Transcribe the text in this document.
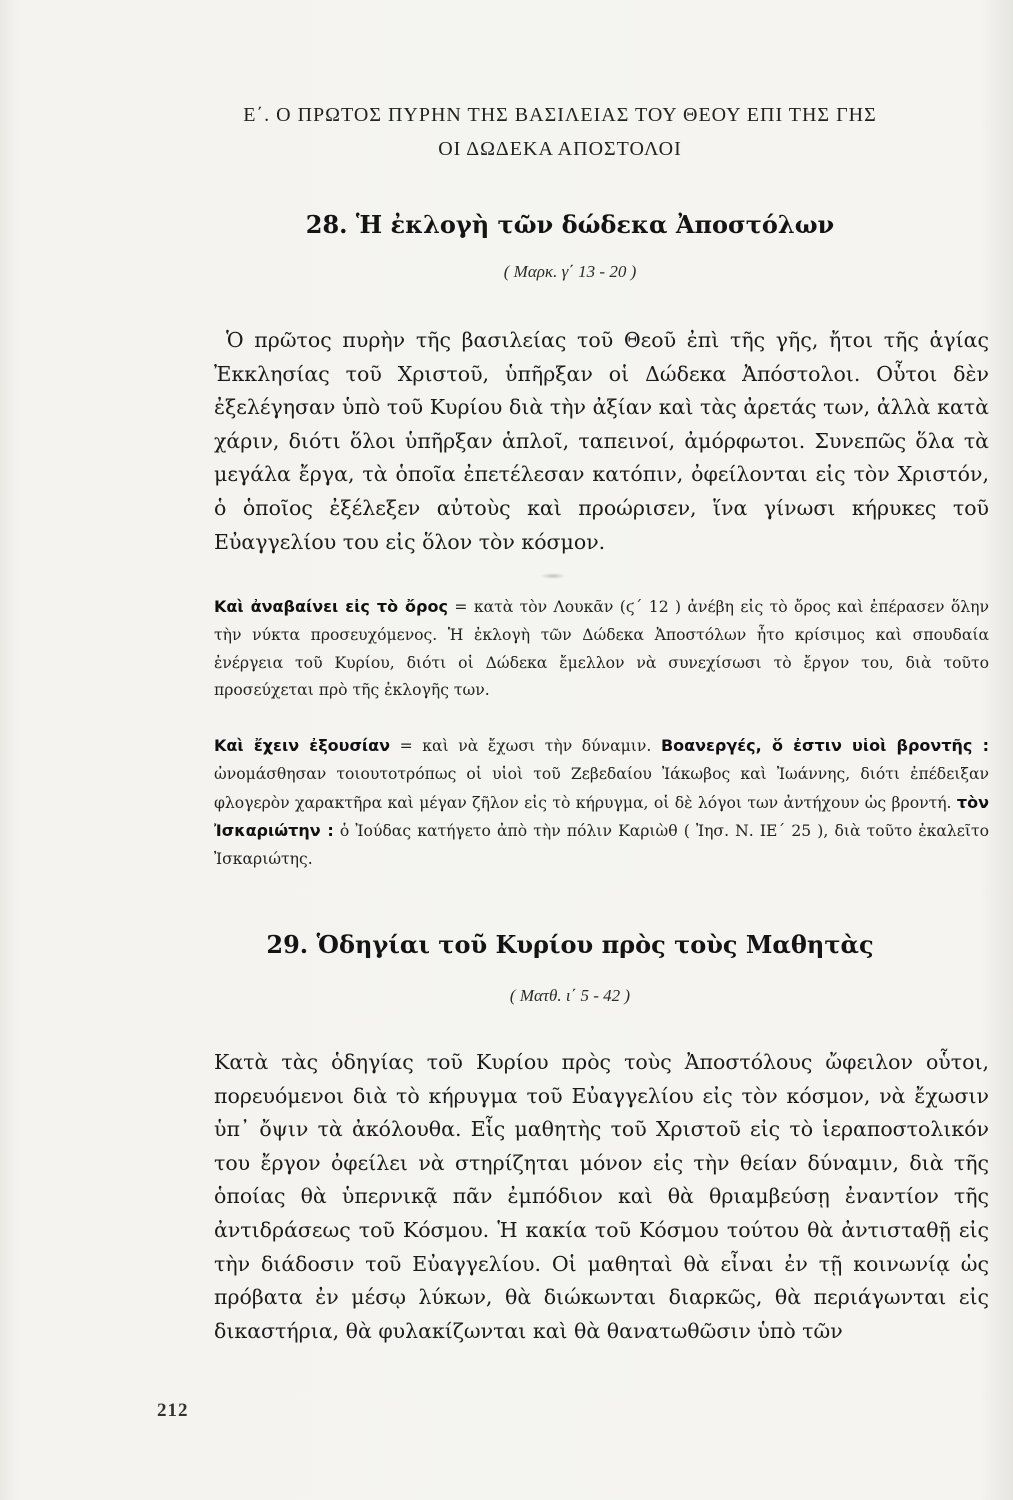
Ε΄. Ο ΠΡΩΤΟΣ ΠΥΡΗΝ ΤΗΣ ΒΑΣΙΛΕΙΑΣ ΤΟΥ ΘΕΟΥ ΕΠΙ ΤΗΣ ΓΗΣ
ΟΙ ΔΩΔΕΚΑ ΑΠΟΣΤΟΛΟΙ
28. Ἡ ἐκλογὴ τῶν δώδεκα Ἀποστόλων
( Μαρκ. γ΄ 13 - 20 )

Ὁ πρῶτος πυρὴν τῆς βασιλείας τοῦ Θεοῦ ἐπὶ τῆς γῆς, ἤτοι τῆς ἁγίας Ἐκκλησίας τοῦ Χριστοῦ, ὑπῆρξαν οἱ Δώδεκα Ἀπόστολοι. Οὗτοι δὲν ἐξελέγησαν ὑπὸ τοῦ Κυρίου διὰ τὴν ἀξίαν καὶ τὰς ἀρετάς των, ἀλλὰ κατὰ χάριν, διότι ὅλοι ὑπῆρξαν ἁπλοῖ, ταπεινοί, ἀμόρφωτοι. Συνεπῶς ὅλα τὰ μεγάλα ἔργα, τὰ ὁποῖα ἐπετέλεσαν κατόπιν, ὀφείλονται εἰς τὸν Χριστόν, ὁ ὁποῖος ἐξέλεξεν αὐτοὺς καὶ προώρισεν, ἵνα γίνωσι κήρυκες τοῦ Εὐαγγελίου του εἰς ὅλον τὸν κόσμον.

Καὶ ἀναβαίνει εἰς τὸ ὄρος = κατὰ τὸν Λουκᾶν (ϛ΄ 12 ) ἀνέβη εἰς τὸ ὄρος καὶ ἐπέρασεν ὅλην τὴν νύκτα προσευχόμενος. Ἡ ἐκλογὴ τῶν Δώδεκα Ἀποστόλων ἦτο κρίσιμος καὶ σπουδαία ἐνέργεια τοῦ Κυρίου, διότι οἱ Δώδεκα ἔμελλον νὰ συνεχίσωσι τὸ ἔργον του, διὰ τοῦτο προσεύχεται πρὸ τῆς ἐκλογῆς των.

Καὶ ἔχειν ἐξουσίαν = καὶ νὰ ἔχωσι τὴν δύναμιν. Βοανεργές, ὅ ἐστιν υἱοὶ βροντῆς : ὠνομάσθησαν τοιουτοτρόπως οἱ υἱοὶ τοῦ Ζεβεδαίου Ἰάκωβος καὶ Ἰωάννης, διότι ἐπέδειξαν φλογερὸν χαρακτῆρα καὶ μέγαν ζῆλον εἰς τὸ κήρυγμα, οἱ δὲ λόγοι των ἀντήχουν ὡς βροντή. τὸν Ἰσκαριώτην : ὁ Ἰούδας κατήγετο ἀπὸ τὴν πόλιν Καριὼθ ( Ἰησ. Ν. ΙΕ΄ 25 ), διὰ τοῦτο ἐκαλεῖτο Ἰσκαριώτης.

29. Ὁδηγίαι τοῦ Κυρίου πρὸς τοὺς Μαθητὰς
( Ματθ. ι΄ 5 - 42 )

Κατὰ τὰς ὁδηγίας τοῦ Κυρίου πρὸς τοὺς Ἀποστόλους ὤφειλον οὗτοι, πορευόμενοι διὰ τὸ κήρυγμα τοῦ Εὐαγγελίου εἰς τὸν κόσμον, νὰ ἔχωσιν ὑπ᾿ ὄψιν τὰ ἀκόλουθα. Εἷς μαθητὴς τοῦ Χριστοῦ εἰς τὸ ἱεραποστολικόν του ἔργον ὀφείλει νὰ στηρίζηται μόνον εἰς τὴν θείαν δύναμιν, διὰ τῆς ὁποίας θὰ ὑπερνικᾷ πᾶν ἐμπόδιον καὶ θὰ θριαμβεύσῃ ἐναντίον τῆς ἀντιδράσεως τοῦ Κόσμου. Ἡ κακία τοῦ Κόσμου τούτου θὰ ἀντισταθῇ εἰς τὴν διάδοσιν τοῦ Εὐαγγελίου. Οἱ μαθηταὶ θὰ εἶναι ἐν τῇ κοινωνίᾳ ὡς πρόβατα ἐν μέσῳ λύκων, θὰ διώκωνται διαρκῶς, θὰ περιάγωνται εἰς δικαστήρια, θὰ φυλακίζωνται καὶ θὰ θανατωθῶσιν ὑπὸ τῶν

212
